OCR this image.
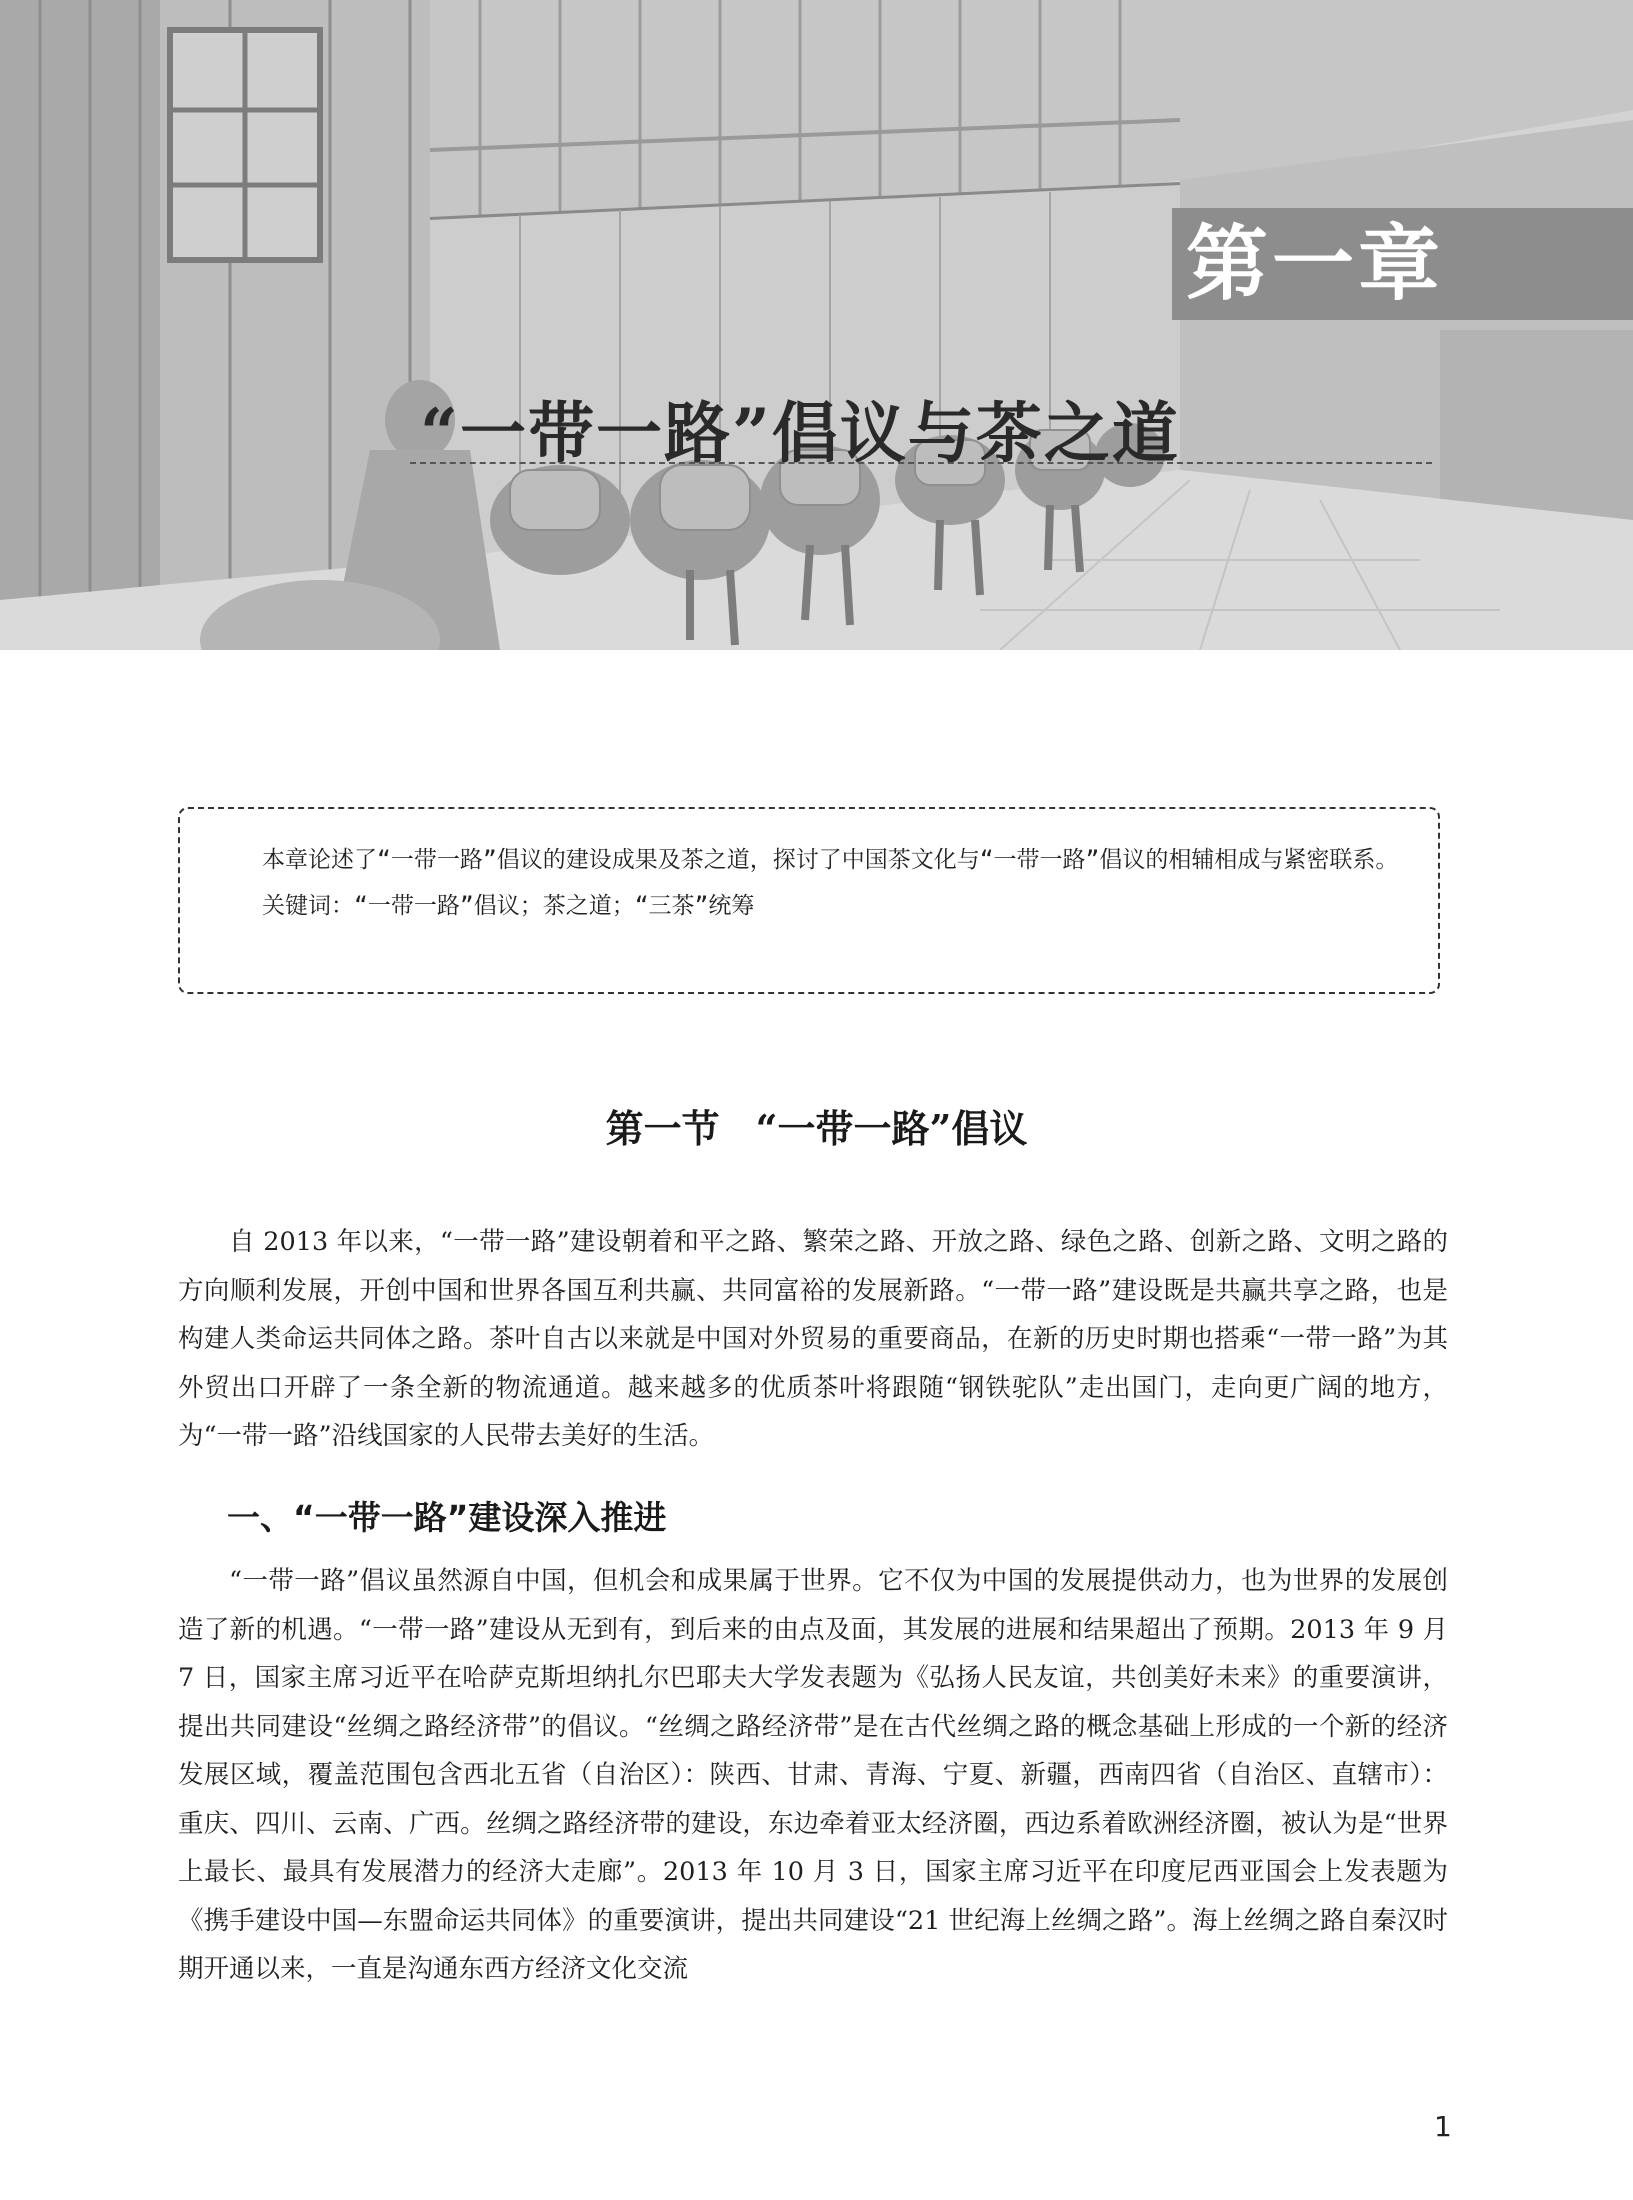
第一章
“一带一路”倡议与茶之道

本章论述了“一带一路”倡议的建设成果及茶之道，探讨了中国茶文化与“一带一路”倡议的相辅相成与紧密联系。

关键词：“一带一路”倡议；茶之道；“三茶”统筹

第一节 “一带一路”倡议

自 2013 年以来，“一带一路”建设朝着和平之路、繁荣之路、开放之路、绿色之路、创新之路、文明之路的方向顺利发展，开创中国和世界各国互利共赢、共同富裕的发展新路。“一带一路”建设既是共赢共享之路，也是构建人类命运共同体之路。茶叶自古以来就是中国对外贸易的重要商品，在新的历史时期也搭乘“一带一路”为其外贸出口开辟了一条全新的物流通道。越来越多的优质茶叶将跟随“钢铁驼队”走出国门，走向更广阔的地方，为“一带一路”沿线国家的人民带去美好的生活。

一、“一带一路”建设深入推进

“一带一路”倡议虽然源自中国，但机会和成果属于世界。它不仅为中国的发展提供动力，也为世界的发展创造了新的机遇。“一带一路”建设从无到有，到后来的由点及面，其发展的进展和结果超出了预期。2013 年 9 月 7 日，国家主席习近平在哈萨克斯坦纳扎尔巴耶夫大学发表题为《弘扬人民友谊，共创美好未来》的重要演讲，提出共同建设“丝绸之路经济带”的倡议。“丝绸之路经济带”是在古代丝绸之路的概念基础上形成的一个新的经济发展区域，覆盖范围包含西北五省（自治区）：陕西、甘肃、青海、宁夏、新疆，西南四省（自治区、直辖市）：重庆、四川、云南、广西。丝绸之路经济带的建设，东边牵着亚太经济圈，西边系着欧洲经济圈，被认为是“世界上最长、最具有发展潜力的经济大走廊”。2013 年 10 月 3 日，国家主席习近平在印度尼西亚国会上发表题为《携手建设中国—东盟命运共同体》的重要演讲，提出共同建设“21 世纪海上丝绸之路”。海上丝绸之路自秦汉时期开通以来，一直是沟通东西方经济文化交流

1
